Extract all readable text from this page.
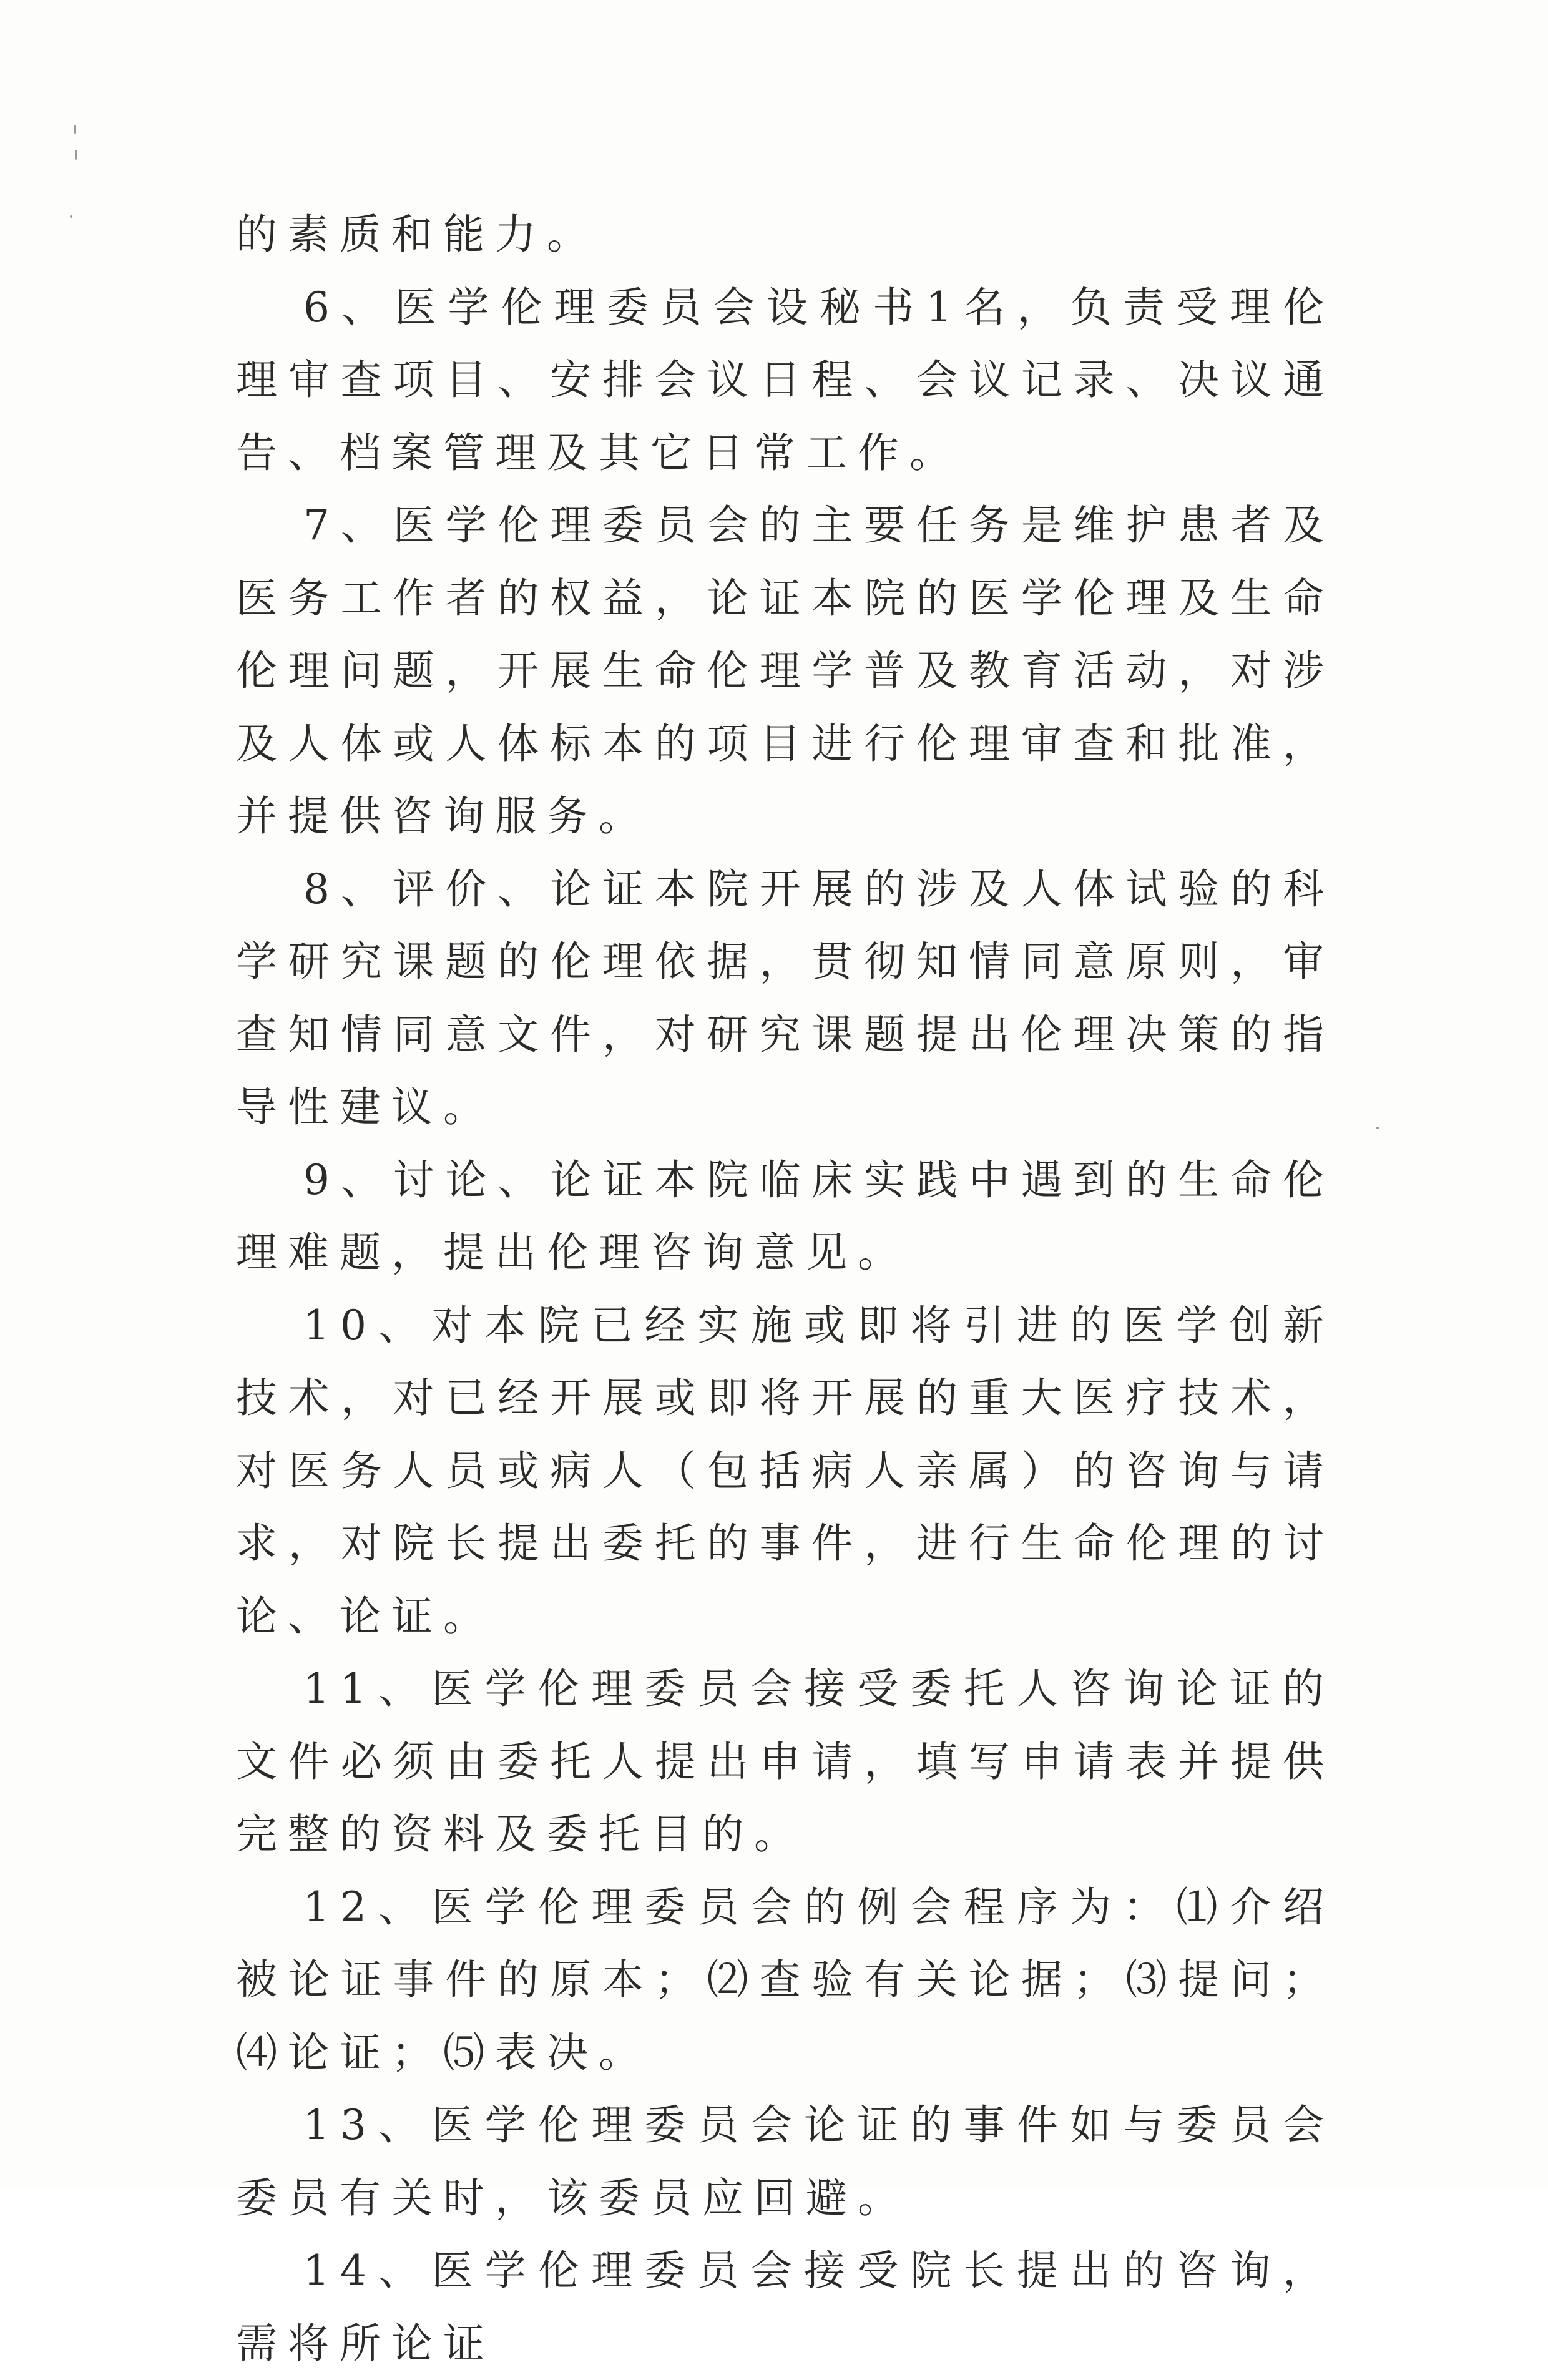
的素质和能力。

6、医学伦理委员会设秘书1名，负责受理伦理审查项目、安排会议日程、会议记录、决议通告、档案管理及其它日常工作。

7、医学伦理委员会的主要任务是维护患者及医务工作者的权益，论证本院的医学伦理及生命伦理问题，开展生命伦理学普及教育活动，对涉及人体或人体标本的项目进行伦理审查和批准，并提供咨询服务。

8、评价、论证本院开展的涉及人体试验的科学研究课题的伦理依据，贯彻知情同意原则，审查知情同意文件，对研究课题提出伦理决策的指导性建议。

9、讨论、论证本院临床实践中遇到的生命伦理难题，提出伦理咨询意见。

10、对本院已经实施或即将引进的医学创新技术，对已经开展或即将开展的重大医疗技术，对医务人员或病人（包括病人亲属）的咨询与请求，对院长提出委托的事件，进行生命伦理的讨论、论证。

11、医学伦理委员会接受委托人咨询论证的文件必须由委托人提出申请，填写申请表并提供完整的资料及委托目的。

12、医学伦理委员会的例会程序为：⑴介绍被论证事件的原本；⑵查验有关论据；⑶提问；⑷论证；⑸表决。

13、医学伦理委员会论证的事件如与委员会委员有关时，该委员应回避。

14、医学伦理委员会接受院长提出的咨询，需将所论证
